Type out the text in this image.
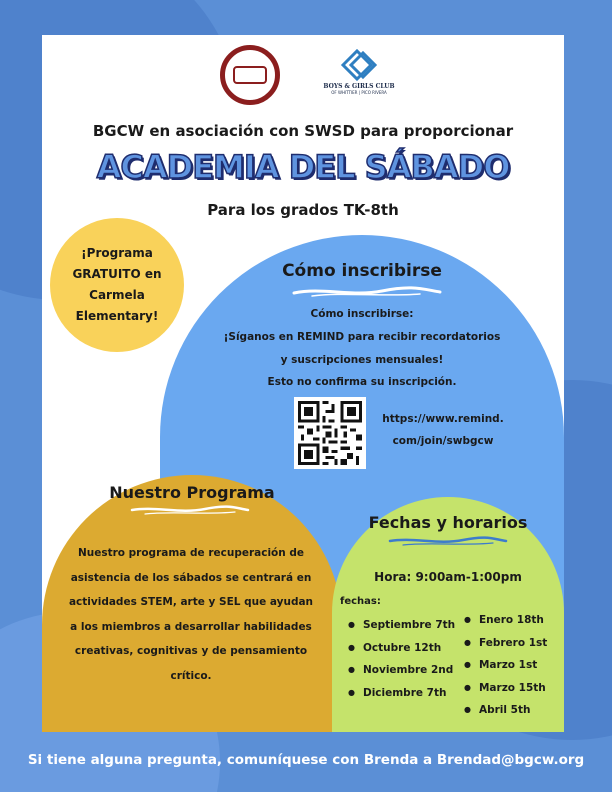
BOYS & GIRLS CLUB
OF WHITTIER | PICO RIVERA
BGCW en asociación con SWSD para proporcionar
ACADEMIA DEL SÁBADO
Para los grados TK-8th
¡Programa
GRATUITO en
Carmela
Elementary!
Cómo inscribirse
Cómo inscribirse:
¡Síganos en REMIND para recibir recordatorios
y suscripciones mensuales!
Esto no confirma su inscripción.
https://www.remind.
com/join/swbgcw
Nuestro Programa
Nuestro programa de recuperación de
asistencia de los sábados se centrará en
actividades STEM, arte y SEL que ayudan
a los miembros a desarrollar habilidades
creativas, cognitivas y de pensamiento
crítico.
Fechas y horarios
Hora: 9:00am-1:00pm
fechas:
● Septiembre 7th
● Octubre 12th
● Noviembre 2nd
● Diciembre 7th
● Enero 18th
● Febrero 1st
● Marzo 1st
● Marzo 15th
● Abril 5th
Si tiene alguna pregunta, comuníquese con Brenda a Brendad@bgcw.org
